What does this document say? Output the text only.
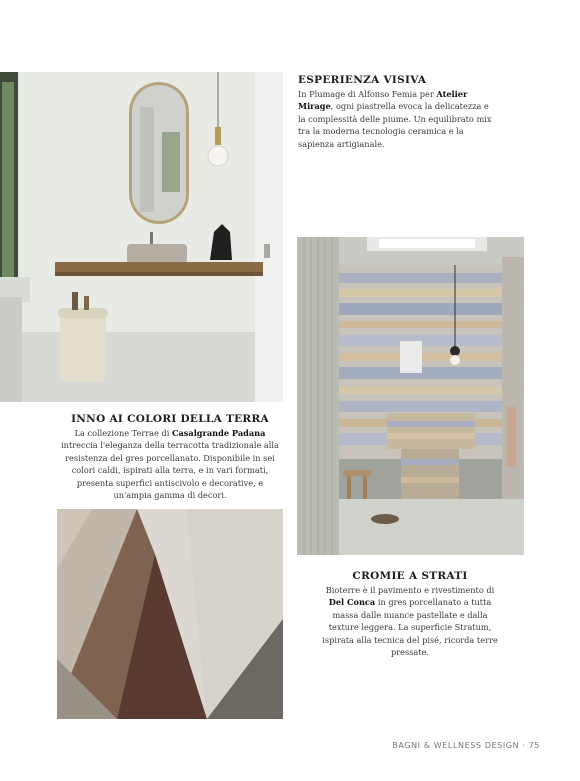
ESPERIENZA VISIVA
In Plumage di Alfonso Femia per Atelier Mirage, ogni piastrella evoca la delicatezza e la complessità delle piume. Un equilibrato mix tra la moderna tecnologia ceramica e la sapienza artigianale.
INNO AI COLORI DELLA TERRA
La collezione Terrae di Casalgrande Padana intreccia l'eleganza della terracotta tradizionale alla resistenza del gres porcellanato. Disponibile in sei colori caldi, ispirati alla terra, e in vari formati, presenta superfici antiscivolo e decorative, e un'ampia gamma di decori.
CROMIE A STRATI
Bioterre è il pavimento e rivestimento di Del Conca in gres porcellanato a tutta massa dalle nuance pastellate e dalla texture leggera. La superficie Stratum, ispirata alla tecnica del pisé, ricorda terre pressate.
BAGNI & WELLNESS DESIGN · 75
